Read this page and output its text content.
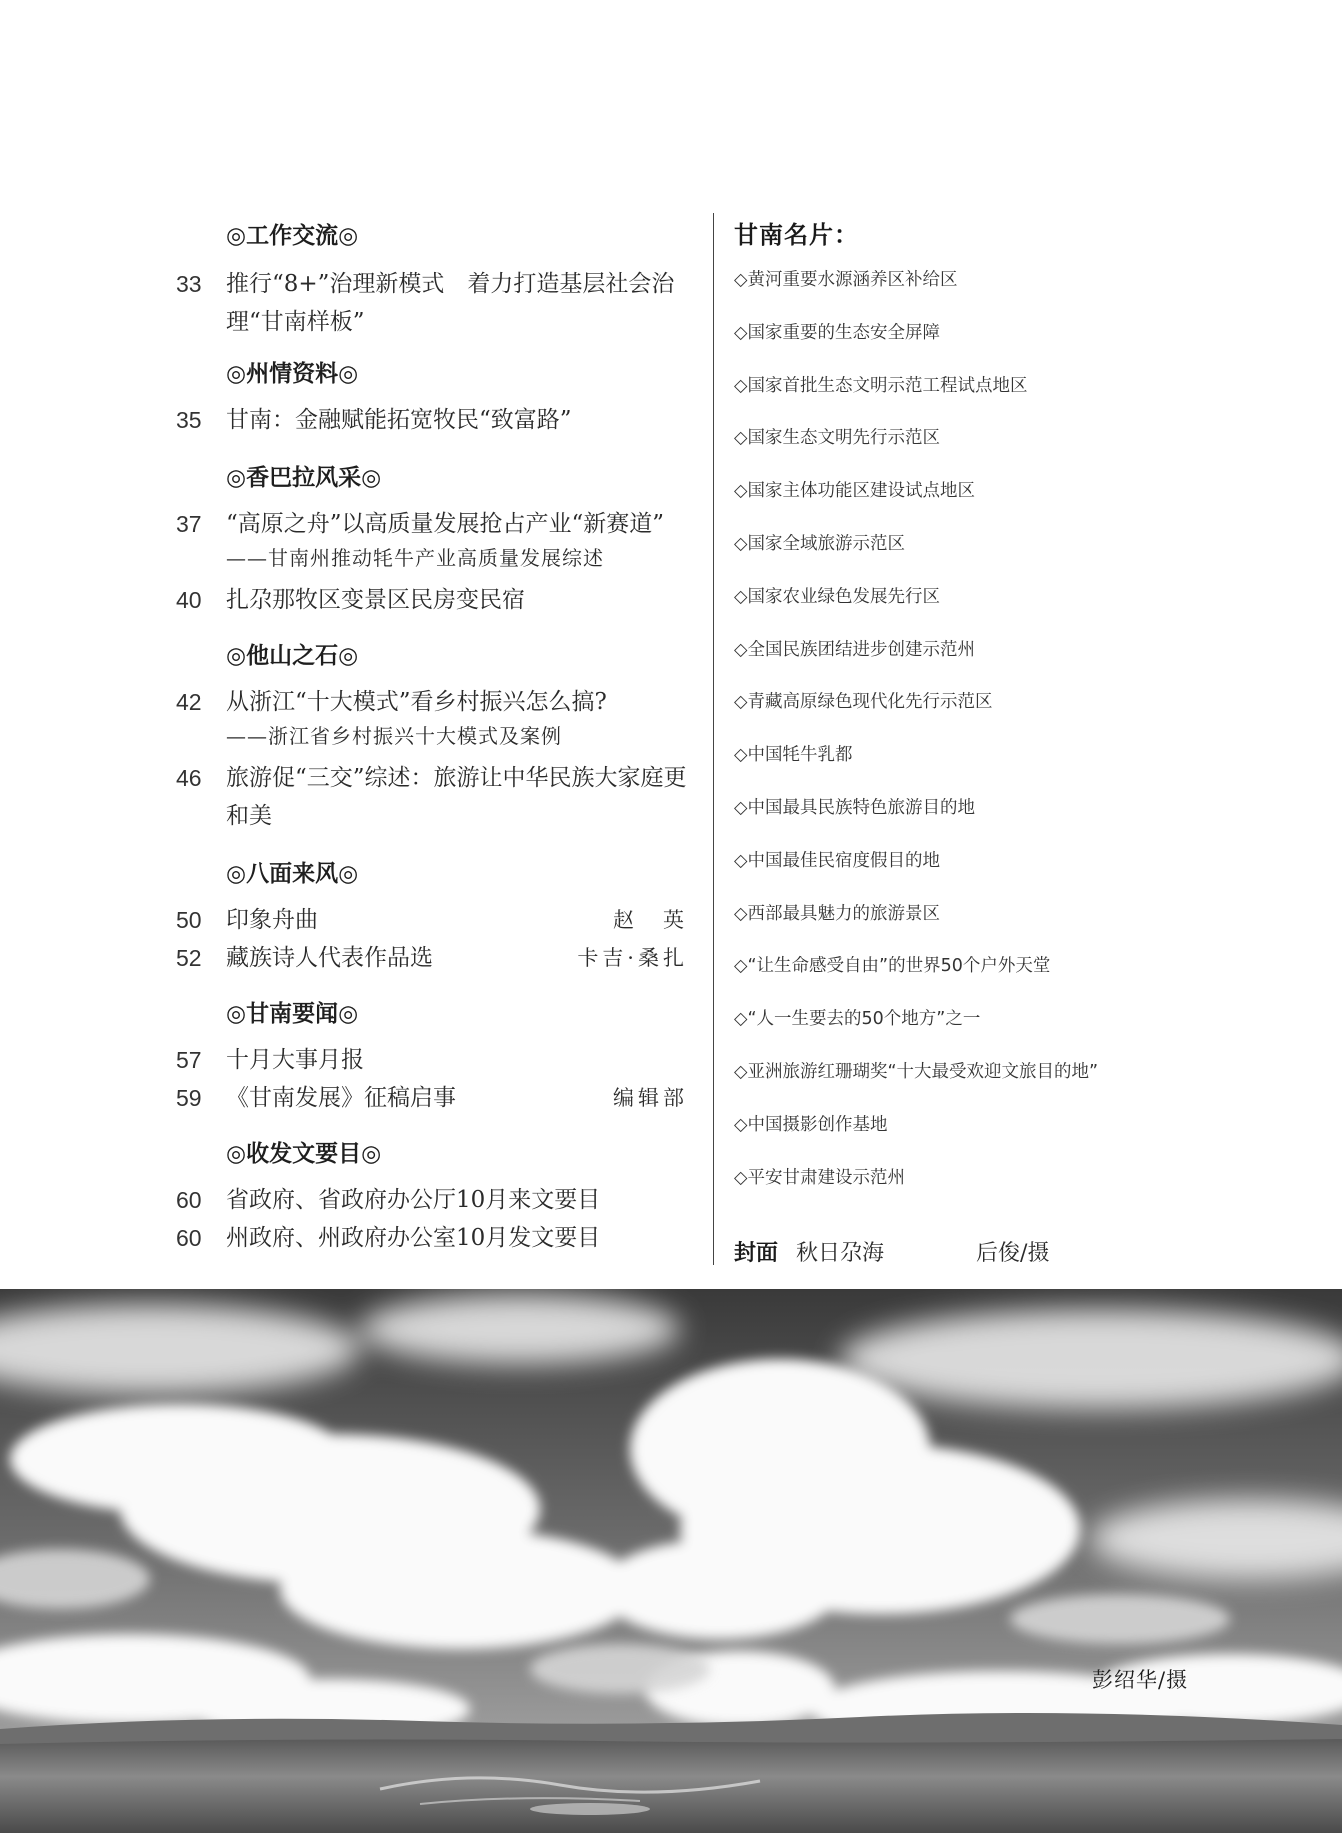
◎工作交流◎
33 推行“8+”治理新模式　着力打造基层社会治理“甘南样板”
◎州情资料◎
35 甘南：金融赋能拓宽牧民“致富路”
◎香巴拉风采◎
37 “高原之舟”以高质量发展抢占产业“新赛道”
——甘南州推动牦牛产业高质量发展综述
40 扎尕那牧区变景区民房变民宿
◎他山之石◎
42 从浙江“十大模式”看乡村振兴怎么搞?
——浙江省乡村振兴十大模式及案例
46 旅游促“三交”综述：旅游让中华民族大家庭更和美
◎八面来风◎
50 印象舟曲	赵　英
52 藏族诗人代表作品选	卡吉·桑扎
◎甘南要闻◎
57 十月大事月报
59 《甘南发展》征稿启事	编辑部
◎收发文要目◎
60 省政府、省政府办公厅10月来文要目
60 州政府、州政府办公室10月发文要目
甘南名片：
◇黄河重要水源涵养区补给区
◇国家重要的生态安全屏障
◇国家首批生态文明示范工程试点地区
◇国家生态文明先行示范区
◇国家主体功能区建设试点地区
◇国家全域旅游示范区
◇国家农业绿色发展先行区
◇全国民族团结进步创建示范州
◇青藏高原绿色现代化先行示范区
◇中国牦牛乳都
◇中国最具民族特色旅游目的地
◇中国最佳民宿度假目的地
◇西部最具魅力的旅游景区
◇“让生命感受自由”的世界50个户外天堂
◇“人一生要去的50个地方”之一
◇亚洲旅游红珊瑚奖“十大最受欢迎文旅目的地”
◇中国摄影创作基地
◇平安甘肃建设示范州
封面 秋日尕海	后俊/摄
彭绍华/摄
